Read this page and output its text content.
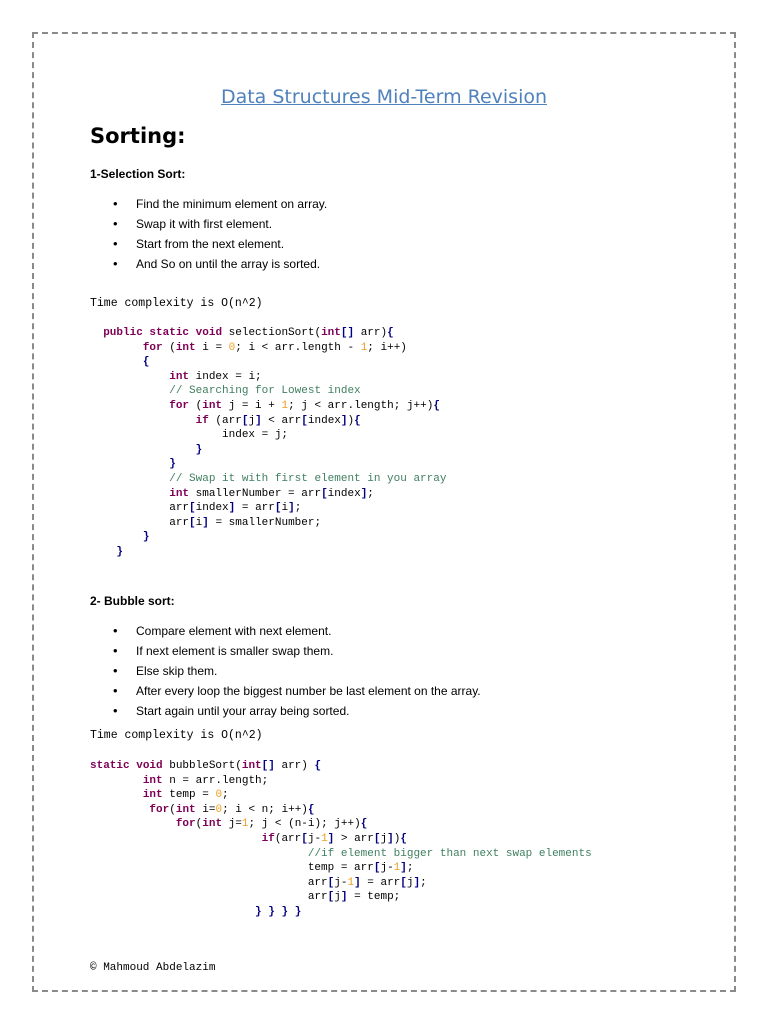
Data Structures Mid-Term Revision
Sorting:
1-Selection Sort:
• Find the minimum element on array.
• Swap it with first element.
• Start from the next element.
• And So on until the array is sorted.
Time complexity is O(n^2)
public static void selectionSort(int[] arr){
for (int i = 0; i < arr.length - 1; i++)
{
int index = i;
// Searching for Lowest index
for (int j = i + 1; j < arr.length; j++){
if (arr[j] < arr[index]){
index = j;
}
}
// Swap it with first element in you array
int smallerNumber = arr[index];
arr[index] = arr[i];
arr[i] = smallerNumber;
}
}
2- Bubble sort:
• Compare element with next element.
• If next element is smaller swap them.
• Else skip them.
• After every loop the biggest number be last element on the array.
• Start again until your array being sorted.
Time complexity is O(n^2)
static void bubbleSort(int[] arr) {
int n = arr.length;
int temp = 0;
for(int i=0; i < n; i++){
for(int j=1; j < (n-i); j++){
if(arr[j-1] > arr[j]){
//if element bigger than next swap elements
temp = arr[j-1];
arr[j-1] = arr[j];
arr[j] = temp;
} } } }
© Mahmoud Abdelazim
